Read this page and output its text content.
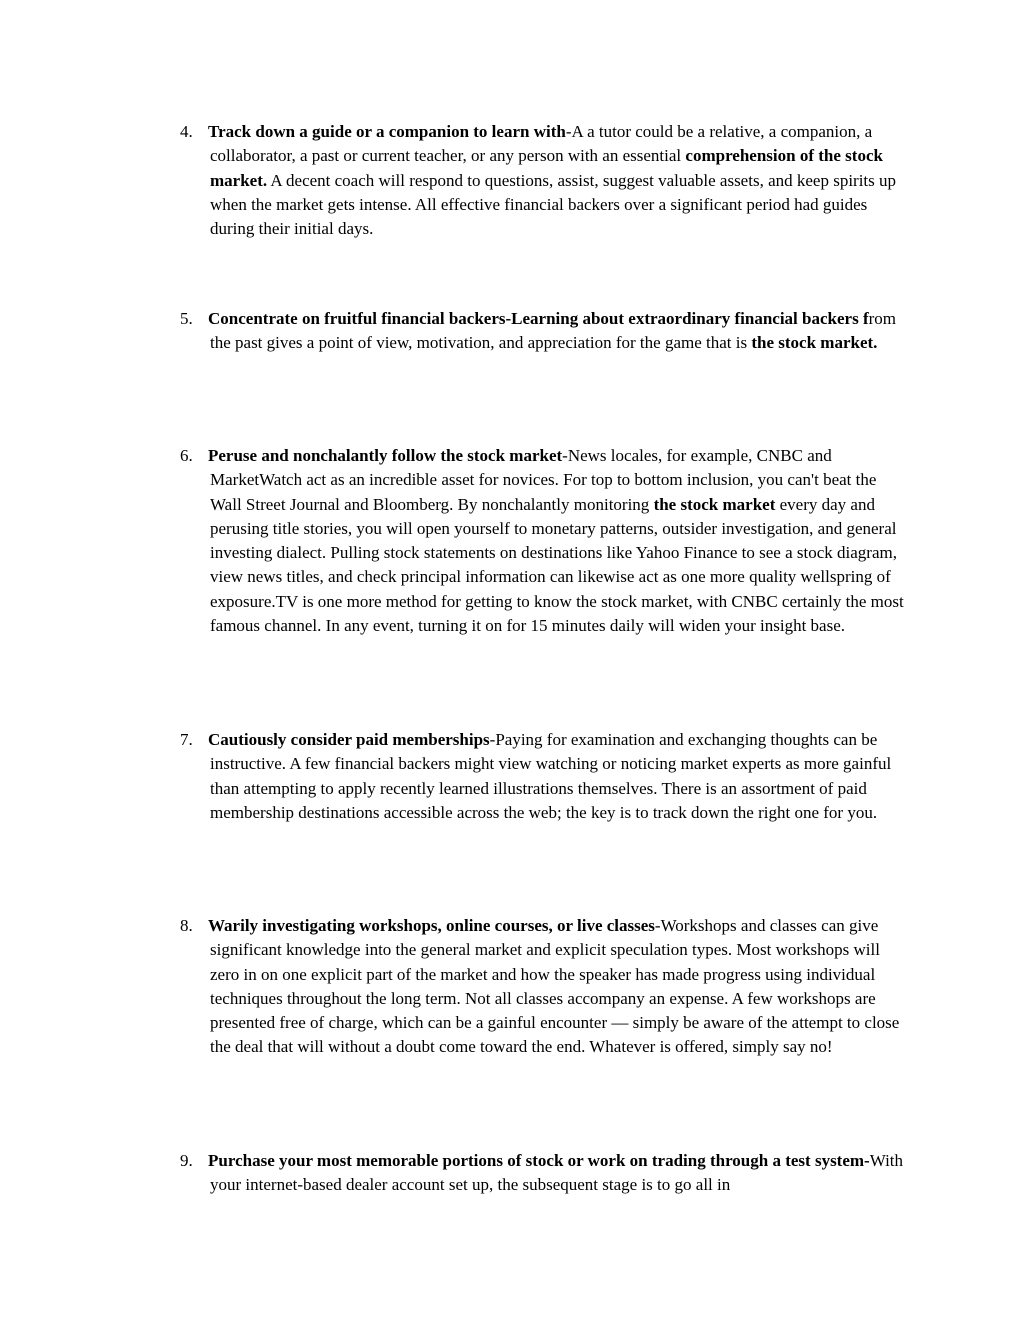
4. Track down a guide or a companion to learn with-A a tutor could be a relative, a companion, a collaborator, a past or current teacher, or any person with an essential comprehension of the stock market. A decent coach will respond to questions, assist, suggest valuable assets, and keep spirits up when the market gets intense. All effective financial backers over a significant period had guides during their initial days.
5. Concentrate on fruitful financial backers-Learning about extraordinary financial backers from the past gives a point of view, motivation, and appreciation for the game that is the stock market.
6. Peruse and nonchalantly follow the stock market-News locales, for example, CNBC and MarketWatch act as an incredible asset for novices. For top to bottom inclusion, you can't beat the Wall Street Journal and Bloomberg. By nonchalantly monitoring the stock market every day and perusing title stories, you will open yourself to monetary patterns, outsider investigation, and general investing dialect. Pulling stock statements on destinations like Yahoo Finance to see a stock diagram, view news titles, and check principal information can likewise act as one more quality wellspring of exposure.TV is one more method for getting to know the stock market, with CNBC certainly the most famous channel. In any event, turning it on for 15 minutes daily will widen your insight base.
7. Cautiously consider paid memberships-Paying for examination and exchanging thoughts can be instructive. A few financial backers might view watching or noticing market experts as more gainful than attempting to apply recently learned illustrations themselves. There is an assortment of paid membership destinations accessible across the web; the key is to track down the right one for you.
8. Warily investigating workshops, online courses, or live classes-Workshops and classes can give significant knowledge into the general market and explicit speculation types. Most workshops will zero in on one explicit part of the market and how the speaker has made progress using individual techniques throughout the long term. Not all classes accompany an expense. A few workshops are presented free of charge, which can be a gainful encounter — simply be aware of the attempt to close the deal that will without a doubt come toward the end. Whatever is offered, simply say no!
9. Purchase your most memorable portions of stock or work on trading through a test system-With your internet-based dealer account set up, the subsequent stage is to go all in
